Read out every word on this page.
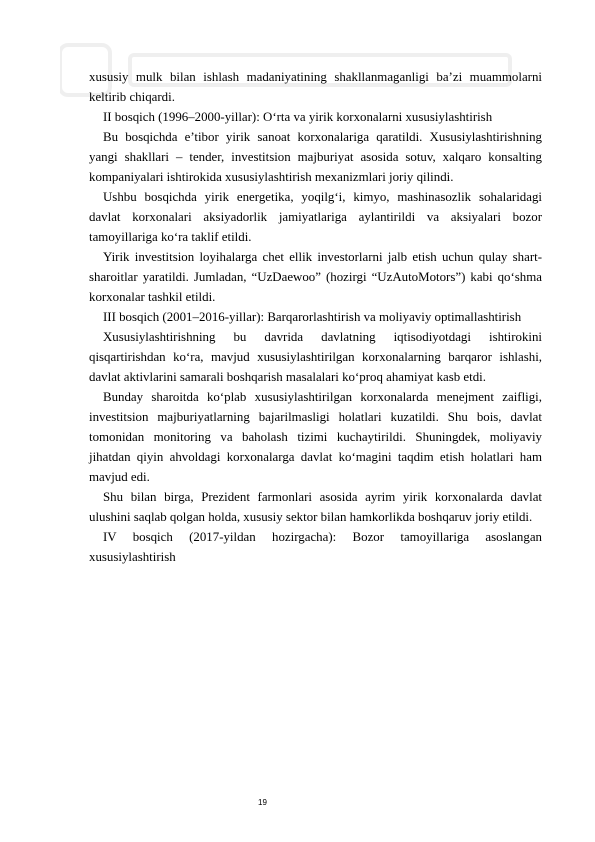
xususiy mulk bilan ishlash madaniyatining shakllanmaganligi ba’zi muammolarni keltirib chiqardi.

II bosqich (1996–2000-yillar): O‘rta va yirik korxonalarni xususiylashtirish

Bu bosqichda e’tibor yirik sanoat korxonalariga qaratildi. Xususiylashtirishning yangi shakllari – tender, investitsion majburiyat asosida sotuv, xalqaro konsalting kompaniyalari ishtirokida xususiylashtirish mexanizmlari joriy qilindi.

Ushbu bosqichda yirik energetika, yoqilg‘i, kimyo, mashinasozlik sohalaridagi davlat korxonalari aksiyadorlik jamiyatlariga aylantirildi va aksiyalari bozor tamoyillariga ko‘ra taklif etildi.

Yirik investitsion loyihalarga chet ellik investorlarni jalb etish uchun qulay shart-sharoitlar yaratildi. Jumladan, “UzDaewoo” (hozirgi “UzAutoMotors”) kabi qo‘shma korxonalar tashkil etildi.

III bosqich (2001–2016-yillar): Barqarorlashtirish va moliyaviy optimallashtirish

Xususiylashtirishning bu davrida davlatning iqtisodiyotdagi ishtirokini qisqartirishdan ko‘ra, mavjud xususiylashtirilgan korxonalarning barqaror ishlashi, davlat aktivlarini samarali boshqarish masalalari ko‘proq ahamiyat kasb etdi.

Bunday sharoitda ko‘plab xususiylashtirilgan korxonalarda menejment zaifligi, investitsion majburiyatlarning bajarilmasligi holatlari kuzatildi. Shu bois, davlat tomonidan monitoring va baholash tizimi kuchaytirildi. Shuningdek, moliyaviy jihatdan qiyin ahvoldagi korxonalarga davlat ko‘magini taqdim etish holatlari ham mavjud edi.

Shu bilan birga, Prezident farmonlari asosida ayrim yirik korxonalarda davlat ulushini saqlab qolgan holda, xususiy sektor bilan hamkorlikda boshqaruv joriy etildi.

IV bosqich (2017-yildan hozirgacha): Bozor tamoyillariga asoslangan xususiylashtirish

19
